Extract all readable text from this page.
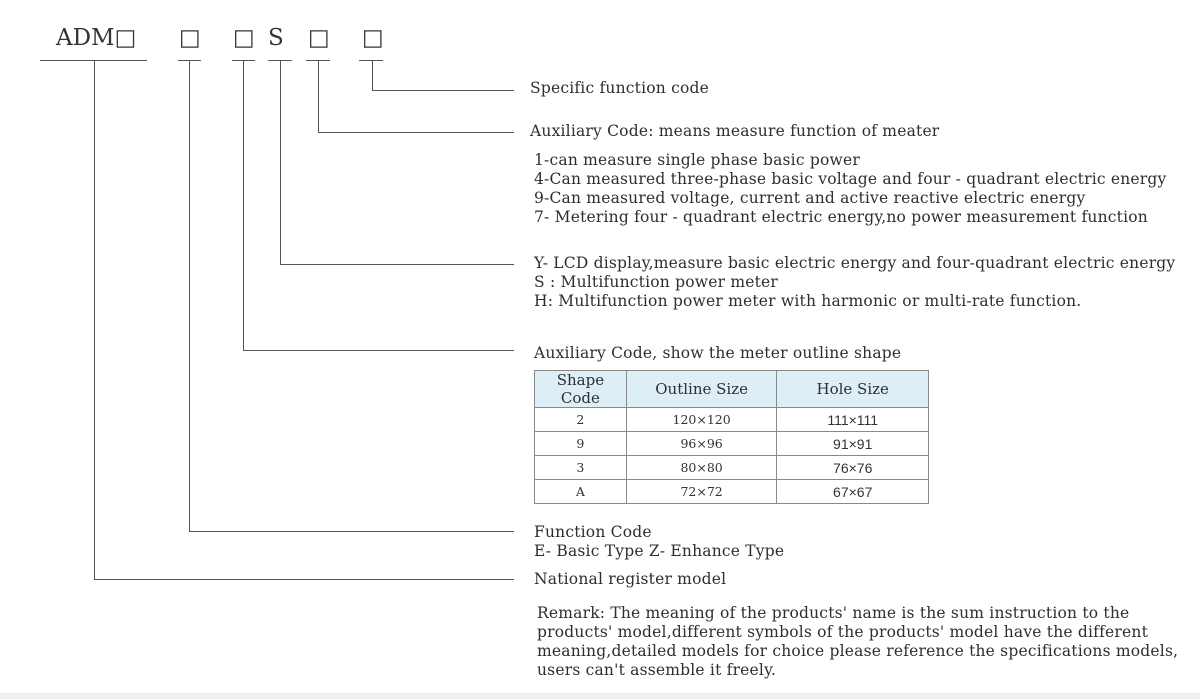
ADM□ □ □ S □ □
Specific function code
Auxiliary Code: means measure function of meater
1-can measure single phase basic power
4-Can measured three-phase basic voltage and four - quadrant electric energy
9-Can measured voltage, current and active reactive electric energy
7- Metering four - quadrant electric energy,no power measurement function
Y- LCD display,measure basic electric energy and four-quadrant electric energy
S : Multifunction power meter
H: Multifunction power meter with harmonic or multi-rate function.
Auxiliary Code, show the meter outline shape
Shape Code	Outline Size	Hole Size
2	120×120	111×111
9	96×96	91×91
3	80×80	76×76
A	72×72	67×67
Function Code
E- Basic Type Z- Enhance Type
National register model
Remark: The meaning of the products' name is the sum instruction to the
products' model,different symbols of the products' model have the different
meaning,detailed models for choice please reference the specifications models,
users can't assemble it freely.
